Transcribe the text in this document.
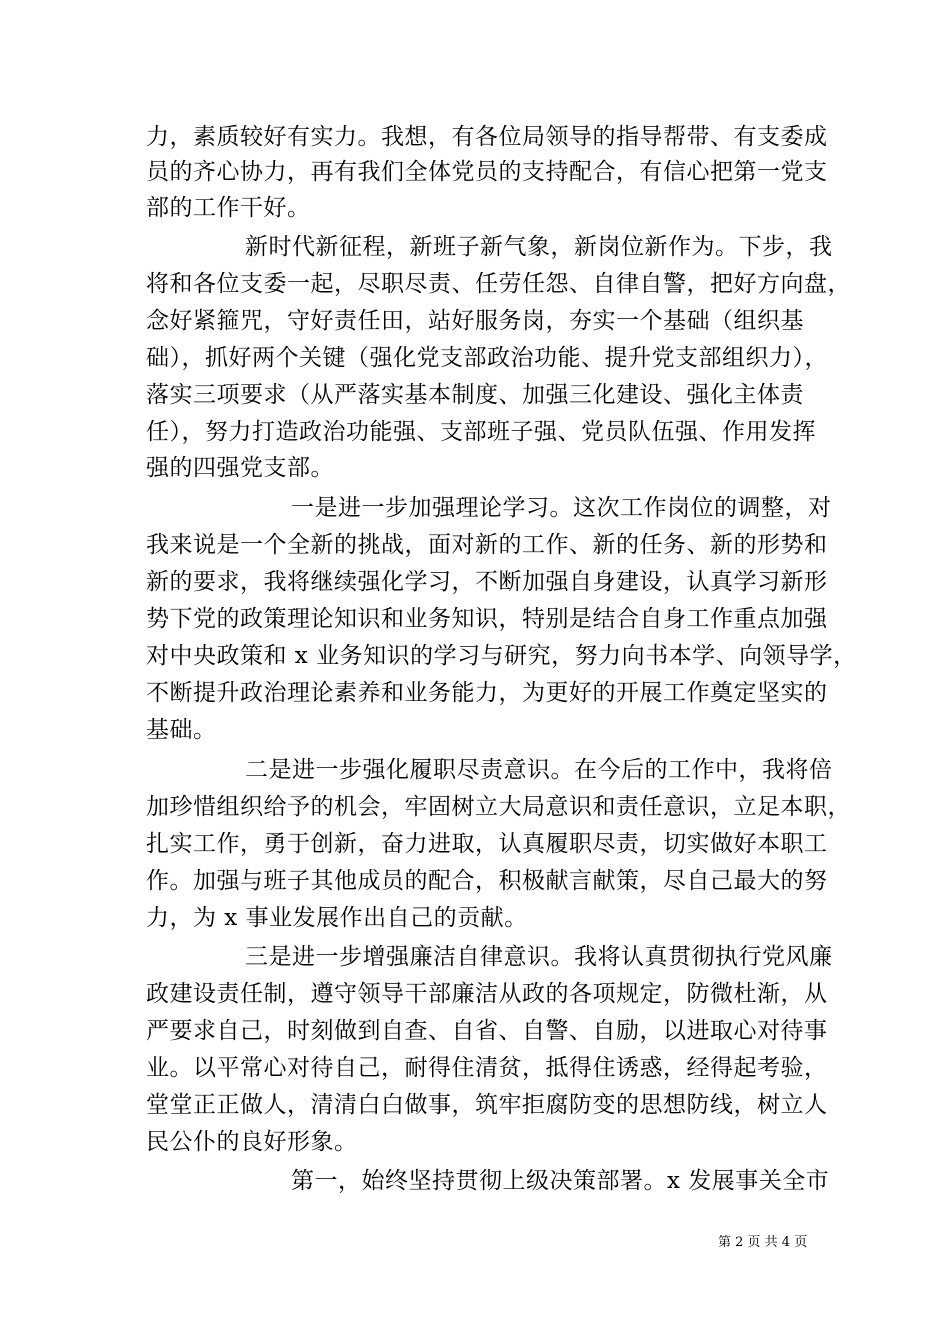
力，素质较好有实力。我想，有各位局领导的指导帮带、有支委成
员的齐心协力，再有我们全体党员的支持配合，有信心把第一党支
部的工作干好。
新时代新征程，新班子新气象，新岗位新作为。下步，我
将和各位支委一起，尽职尽责、任劳任怨、自律自警，把好方向盘，
念好紧箍咒，守好责任田，站好服务岗，夯实一个基础（组织基
础），抓好两个关键（强化党支部政治功能、提升党支部组织力），
落实三项要求（从严落实基本制度、加强三化建设、强化主体责
任），努力打造政治功能强、支部班子强、党员队伍强、作用发挥
强的四强党支部。
一是进一步加强理论学习。这次工作岗位的调整，对
我来说是一个全新的挑战，面对新的工作、新的任务、新的形势和
新的要求，我将继续强化学习，不断加强自身建设，认真学习新形
势下党的政策理论知识和业务知识，特别是结合自身工作重点加强
对中央政策和 x 业务知识的学习与研究，努力向书本学、向领导学，
不断提升政治理论素养和业务能力，为更好的开展工作奠定坚实的
基础。
二是进一步强化履职尽责意识。在今后的工作中，我将倍
加珍惜组织给予的机会，牢固树立大局意识和责任意识，立足本职，
扎实工作，勇于创新，奋力进取，认真履职尽责，切实做好本职工
作。加强与班子其他成员的配合，积极献言献策，尽自己最大的努
力，为 x 事业发展作出自己的贡献。
三是进一步增强廉洁自律意识。我将认真贯彻执行党风廉
政建设责任制，遵守领导干部廉洁从政的各项规定，防微杜渐，从
严要求自己，时刻做到自查、自省、自警、自励，以进取心对待事
业。以平常心对待自己，耐得住清贫，抵得住诱惑，经得起考验，
堂堂正正做人，清清白白做事，筑牢拒腐防变的思想防线，树立人
民公仆的良好形象。
第一，始终坚持贯彻上级决策部署。x 发展事关全市
第 2 页 共 4 页
